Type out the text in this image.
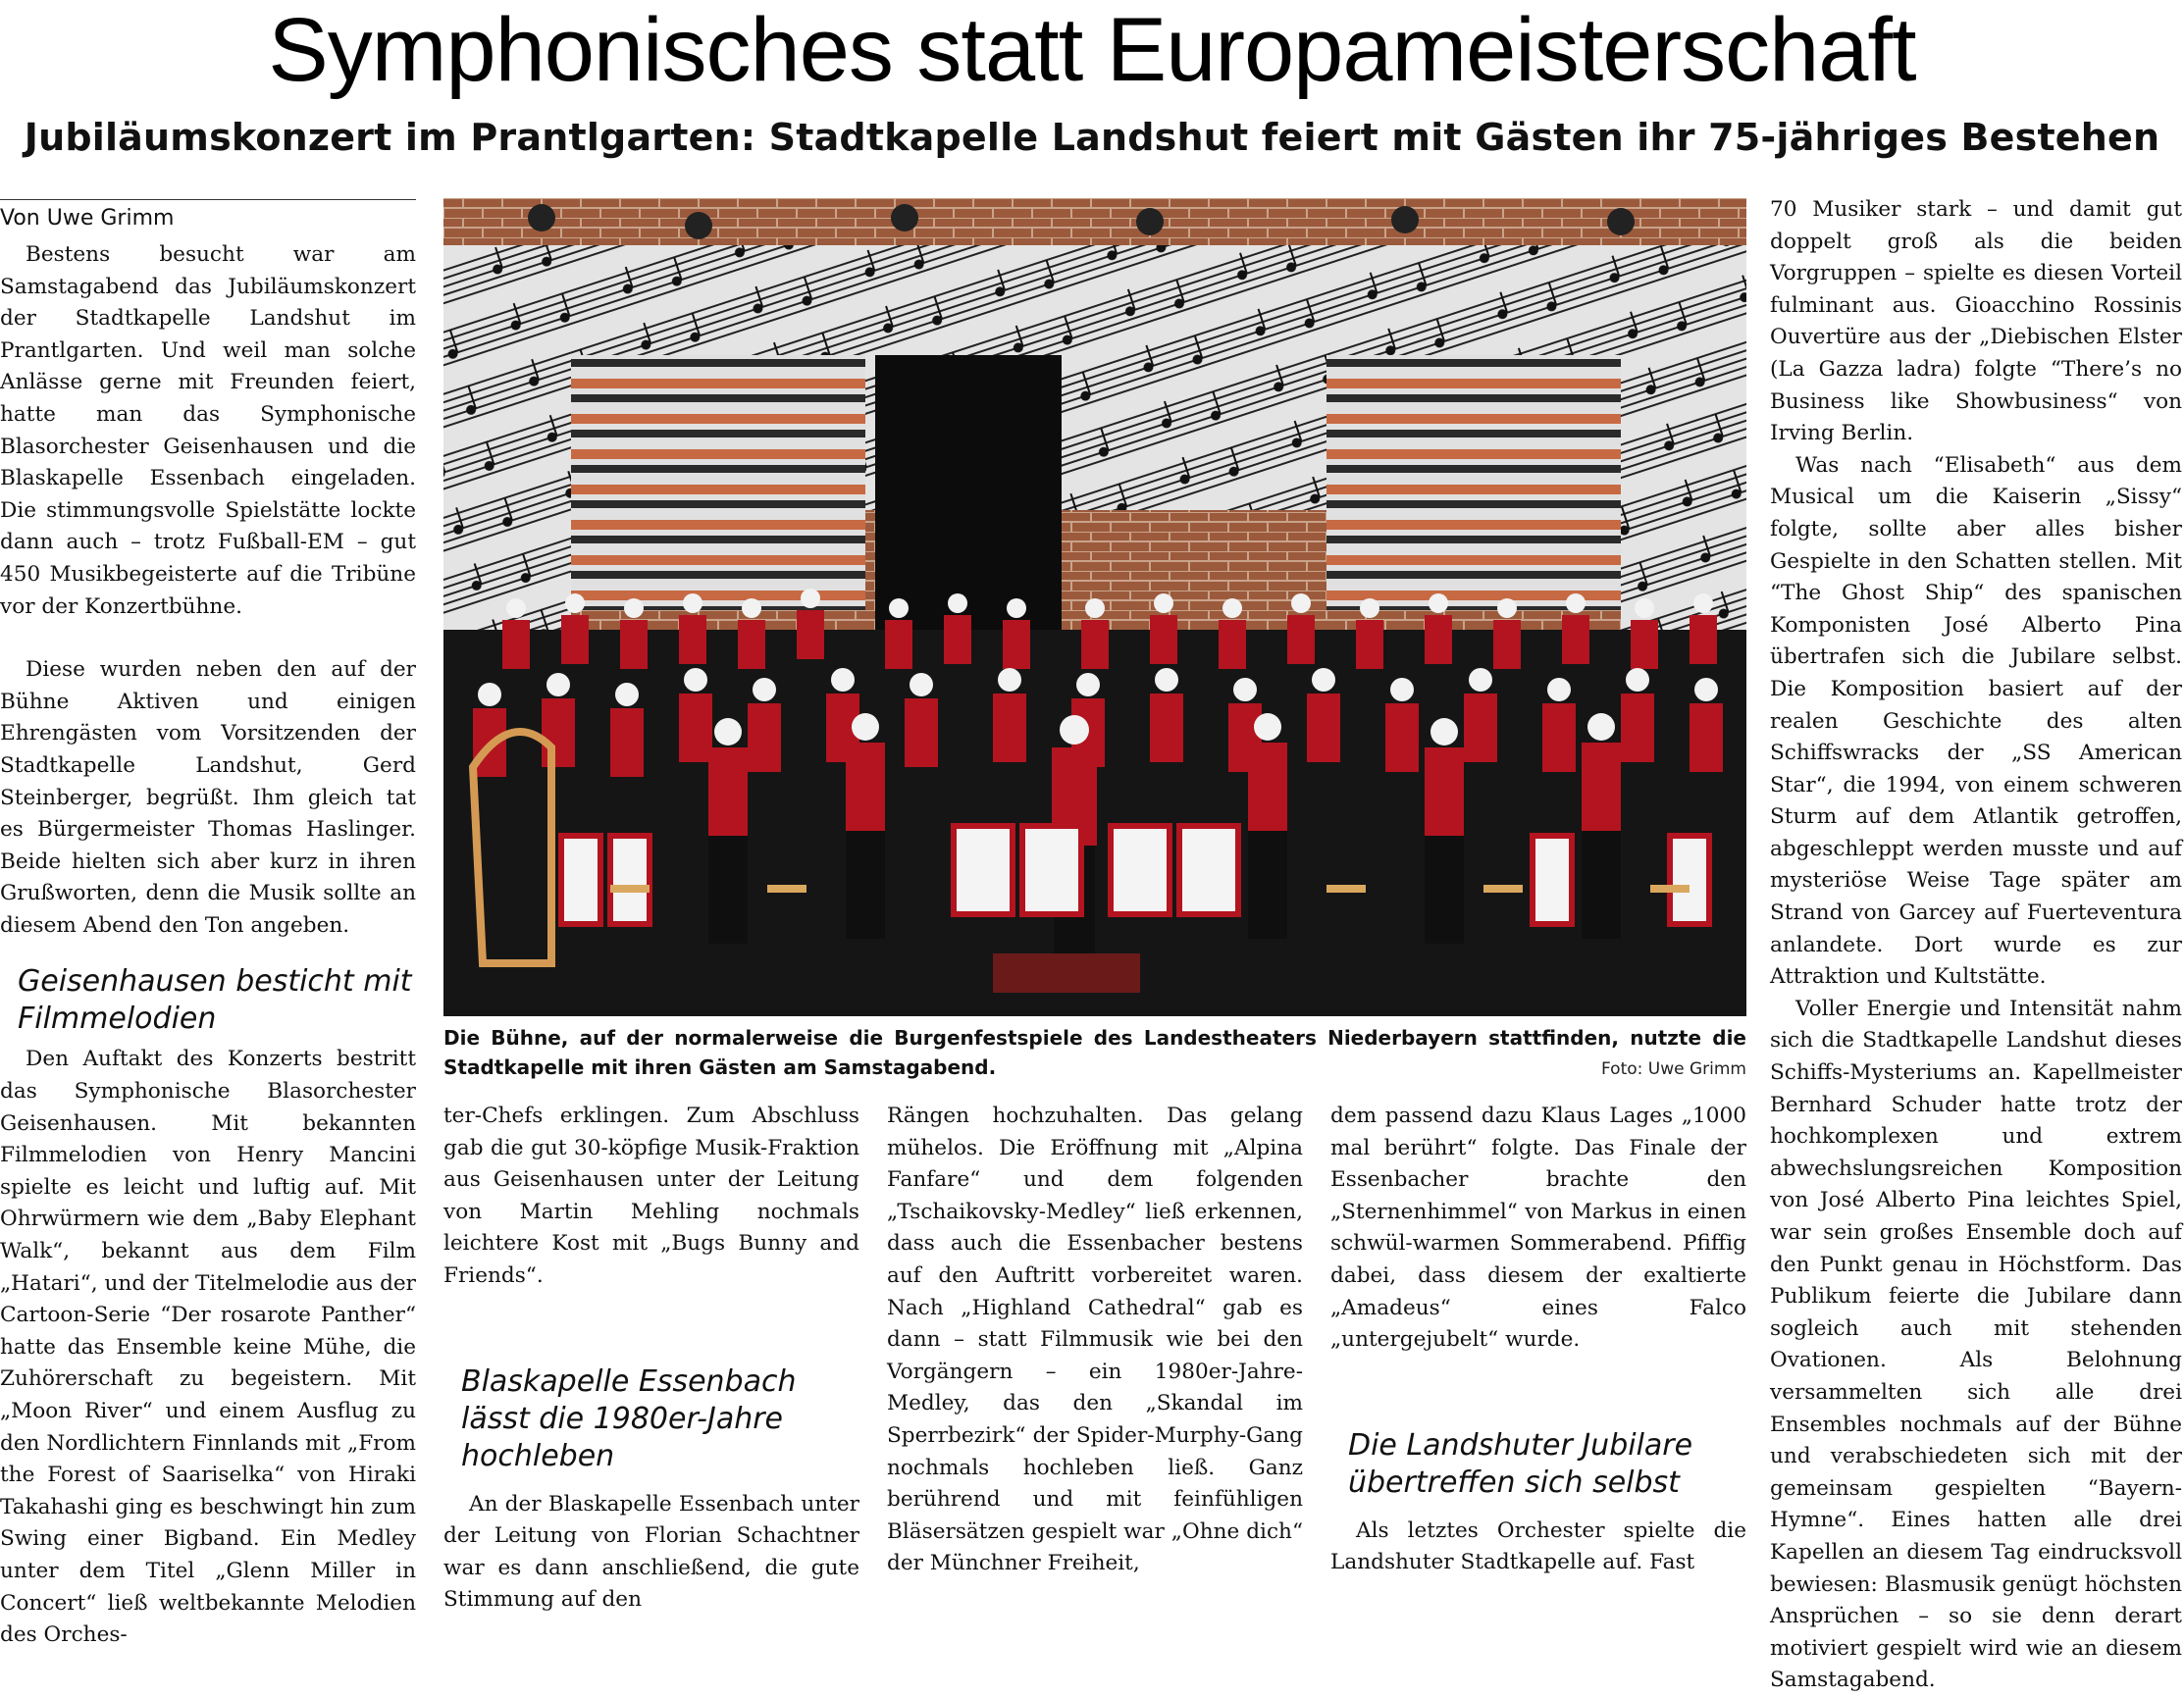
Symphonisches statt Europameisterschaft
Jubiläumskonzert im Prantlgarten: Stadtkapelle Landshut feiert mit Gästen ihr 75-jähriges Bestehen
Von Uwe Grimm

Bestens besucht war am Samstagabend das Jubiläumskonzert der Stadtkapelle Landshut im Prantlgarten. Und weil man solche Anlässe gerne mit Freunden feiert, hatte man das Symphonische Blasorchester Geisenhausen und die Blaskapelle Essenbach eingeladen. Die stimmungsvolle Spielstätte lockte dann auch – trotz Fußball-EM – gut 450 Musikbegeisterte auf die Tribüne vor der Konzertbühne.

Diese wurden neben den auf der Bühne Aktiven und einigen Ehrengästen vom Vorsitzenden der Stadtkapelle Landshut, Gerd Steinberger, begrüßt. Ihm gleich tat es Bürgermeister Thomas Haslinger. Beide hielten sich aber kurz in ihren Grußworten, denn die Musik sollte an diesem Abend den Ton angeben.

Geisenhausen besticht mit Filmmelodien

Den Auftakt des Konzerts bestritt das Symphonische Blasorchester Geisenhausen. Mit bekannten Filmmelodien von Henry Mancini spielte es leicht und luftig auf. Mit Ohrwürmern wie dem „Baby Elephant Walk“, bekannt aus dem Film „Hatari“, und der Titelmelodie aus der Cartoon-Serie “Der rosarote Panther“ hatte das Ensemble keine Mühe, die Zuhörerschaft zu begeistern. Mit „Moon River“ und einem Ausflug zu den Nordlichtern Finnlands mit „From the Forest of Saariselka“ von Hiraki Takahashi ging es beschwingt hin zum Swing einer Bigband. Ein Medley unter dem Titel „Glenn Miller in Concert“ ließ weltbekannte Melodien des Orches-

Die Bühne, auf der normalerweise die Burgenfestspiele des Landestheaters Niederbayern stattfinden, nutzte die Stadtkapelle mit ihren Gästen am Samstagabend.	Foto: Uwe Grimm

ter-Chefs erklingen. Zum Abschluss gab die gut 30-köpfige Musik-Fraktion aus Geisenhausen unter der Leitung von Martin Mehling nochmals leichtere Kost mit „Bugs Bunny and Friends“.

Blaskapelle Essenbach lässt die 1980er-Jahre hochleben

An der Blaskapelle Essenbach unter der Leitung von Florian Schachtner war es dann anschließend, die gute Stimmung auf den

Rängen hochzuhalten. Das gelang mühelos. Die Eröffnung mit „Alpina Fanfare“ und dem folgenden „Tschaikovsky-Medley“ ließ erkennen, dass auch die Essenbacher bestens auf den Auftritt vorbereitet waren. Nach „Highland Cathedral“ gab es dann – statt Filmmusik wie bei den Vorgängern – ein 1980er-Jahre-Medley, das den „Skandal im Sperrbezirk“ der Spider-Murphy-Gang nochmals hochleben ließ. Ganz berührend und mit feinfühligen Bläsersätzen gespielt war „Ohne dich“ der Münchner Freiheit,

dem passend dazu Klaus Lages „1000 mal berührt“ folgte. Das Finale der Essenbacher brachte den „Sternenhimmel“ von Markus in einen schwül-warmen Sommerabend. Pfiffig dabei, dass diesem der exaltierte „Amadeus“ eines Falco „untergejubelt“ wurde.

Die Landshuter Jubilare übertreffen sich selbst

Als letztes Orchester spielte die Landshuter Stadtkapelle auf. Fast

70 Musiker stark – und damit gut doppelt groß als die beiden Vorgruppen – spielte es diesen Vorteil fulminant aus. Gioacchino Rossinis Ouvertüre aus der „Diebischen Elster (La Gazza ladra) folgte “There’s no Business like Showbusiness“ von Irving Berlin.

Was nach “Elisabeth“ aus dem Musical um die Kaiserin „Sissy“ folgte, sollte aber alles bisher Gespielte in den Schatten stellen. Mit “The Ghost Ship“ des spanischen Komponisten José Alberto Pina übertrafen sich die Jubilare selbst. Die Komposition basiert auf der realen Geschichte des alten Schiffswracks der „SS American Star“, die 1994, von einem schweren Sturm auf dem Atlantik getroffen, abgeschleppt werden musste und auf mysteriöse Weise Tage später am Strand von Garcey auf Fuerteventura anlandete. Dort wurde es zur Attraktion und Kultstätte.

Voller Energie und Intensität nahm sich die Stadtkapelle Landshut dieses Schiffs-Mysteriums an. Kapellmeister Bernhard Schuder hatte trotz der hochkomplexen und extrem abwechslungsreichen Komposition von José Alberto Pina leichtes Spiel, war sein großes Ensemble doch auf den Punkt genau in Höchstform. Das Publikum feierte die Jubilare dann sogleich auch mit stehenden Ovationen. Als Belohnung versammelten sich alle drei Ensembles nochmals auf der Bühne und verabschiedeten sich mit der gemeinsam gespielten “Bayern-Hymne“. Eines hatten alle drei Kapellen an diesem Tag eindrucksvoll bewiesen: Blasmusik genügt höchsten Ansprüchen – so sie denn derart motiviert gespielt wird wie an diesem Samstagabend.
